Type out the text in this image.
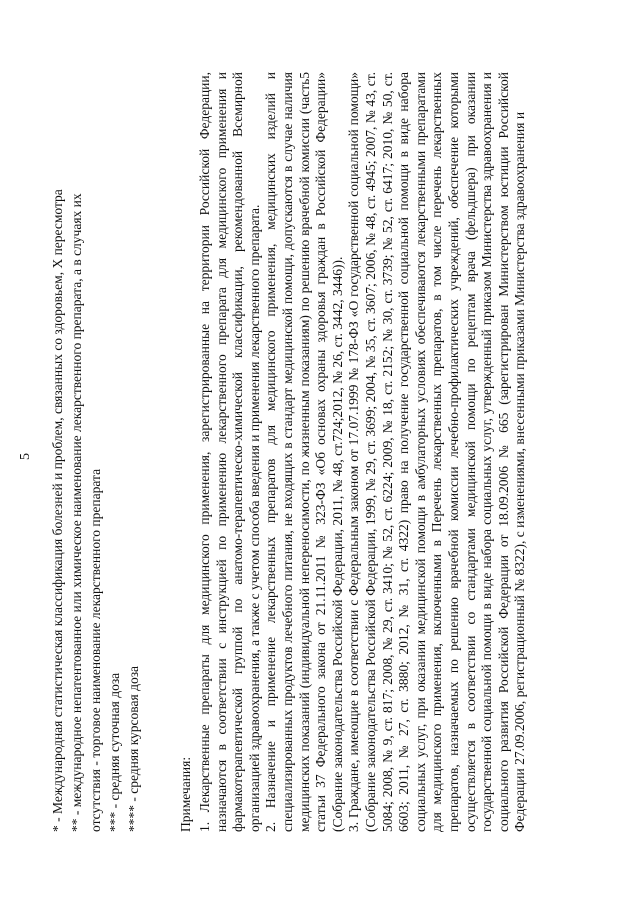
5 * - Международная статистическая классификация болезней и проблем, связанных со здоровьем, X пересмотра ** - международное непатентованное или химическое наименование лекарственного препарата, а в случаях их отсутствия - торговое наименование лекарственного препарата *** - средняя суточная доза **** - средняя курсовая доза	Примечания: 1. Лекарственные препараты для медицинского применения, зарегистрированные на территории Российской Федерации, назначаются в соответствии с инструкцией по применению лекарственного препарата для медицинского применения и фармакотерапевтической группой по анатомо-терапевтическо-химической классификации, рекомендованной Всемирной организацией здравоохранения, а также с учетом способа введения и применения лекарственного препарата. 2. Назначение и применение лекарственных препаратов для медицинского применения, медицинских изделий и специализированных продуктов лечебного питания, не входящих в стандарт медицинской помощи, допускаются в случае наличия медицинских показаний (индивидуальной непереносимости, по жизненным показаниям) по решению врачебной комиссии (часть5 статьи 37 Федерального закона от 21.11.2011 № 323-ФЗ «Об основах охраны здоровья граждан в Российской Федерации» (Собрание законодательства Российской Федерации, 2011, № 48, ст.724;2012, № 26, ст. 3442, 3446)). 3. Граждане, имеющие в соответствии с Федеральным законом от 17.07.1999 № 178-ФЗ «О государственной социальной помощи» (Собрание законодательства Российской Федерации, 1999, № 29, ст. 3699; 2004, № 35, ст. 3607; 2006, № 48, ст. 4945; 2007, № 43, ст. 5084; 2008, № 9, ст. 817; 2008, № 29, ст. 3410; № 52, ст. 6224; 2009, № 18, ст. 2152; № 30, ст. 3739; № 52, ст. 6417; 2010, № 50, ст. 6603; 2011, № 27, ст. 3880; 2012, № 31, ст. 4322) право на получение государственной социальной помощи в виде набора социальных услуг, при оказании медицинской помощи в амбулаторных условиях обеспечиваются лекарственными препаратами для медицинского применения, включенными в Перечень лекарственных препаратов, в том числе перечень лекарственных препаратов, назначаемых по решению врачебной комиссии лечебно-профилактических учреждений, обеспечение которыми осуществляется в соответствии со стандартами медицинской помощи по рецептам врача (фельдшера) при оказании государственной социальной помощи в виде набора социальных услуг, утвержденный приказом Министерства здравоохранения и социального развития Российской Федерации от 18.09.2006 № 665 (зарегистрирован Министерством юстиции Российской Федерации 27.09.2006, регистрационный № 8322), с изменениями, внесенными приказами Министерства здравоохранения и
